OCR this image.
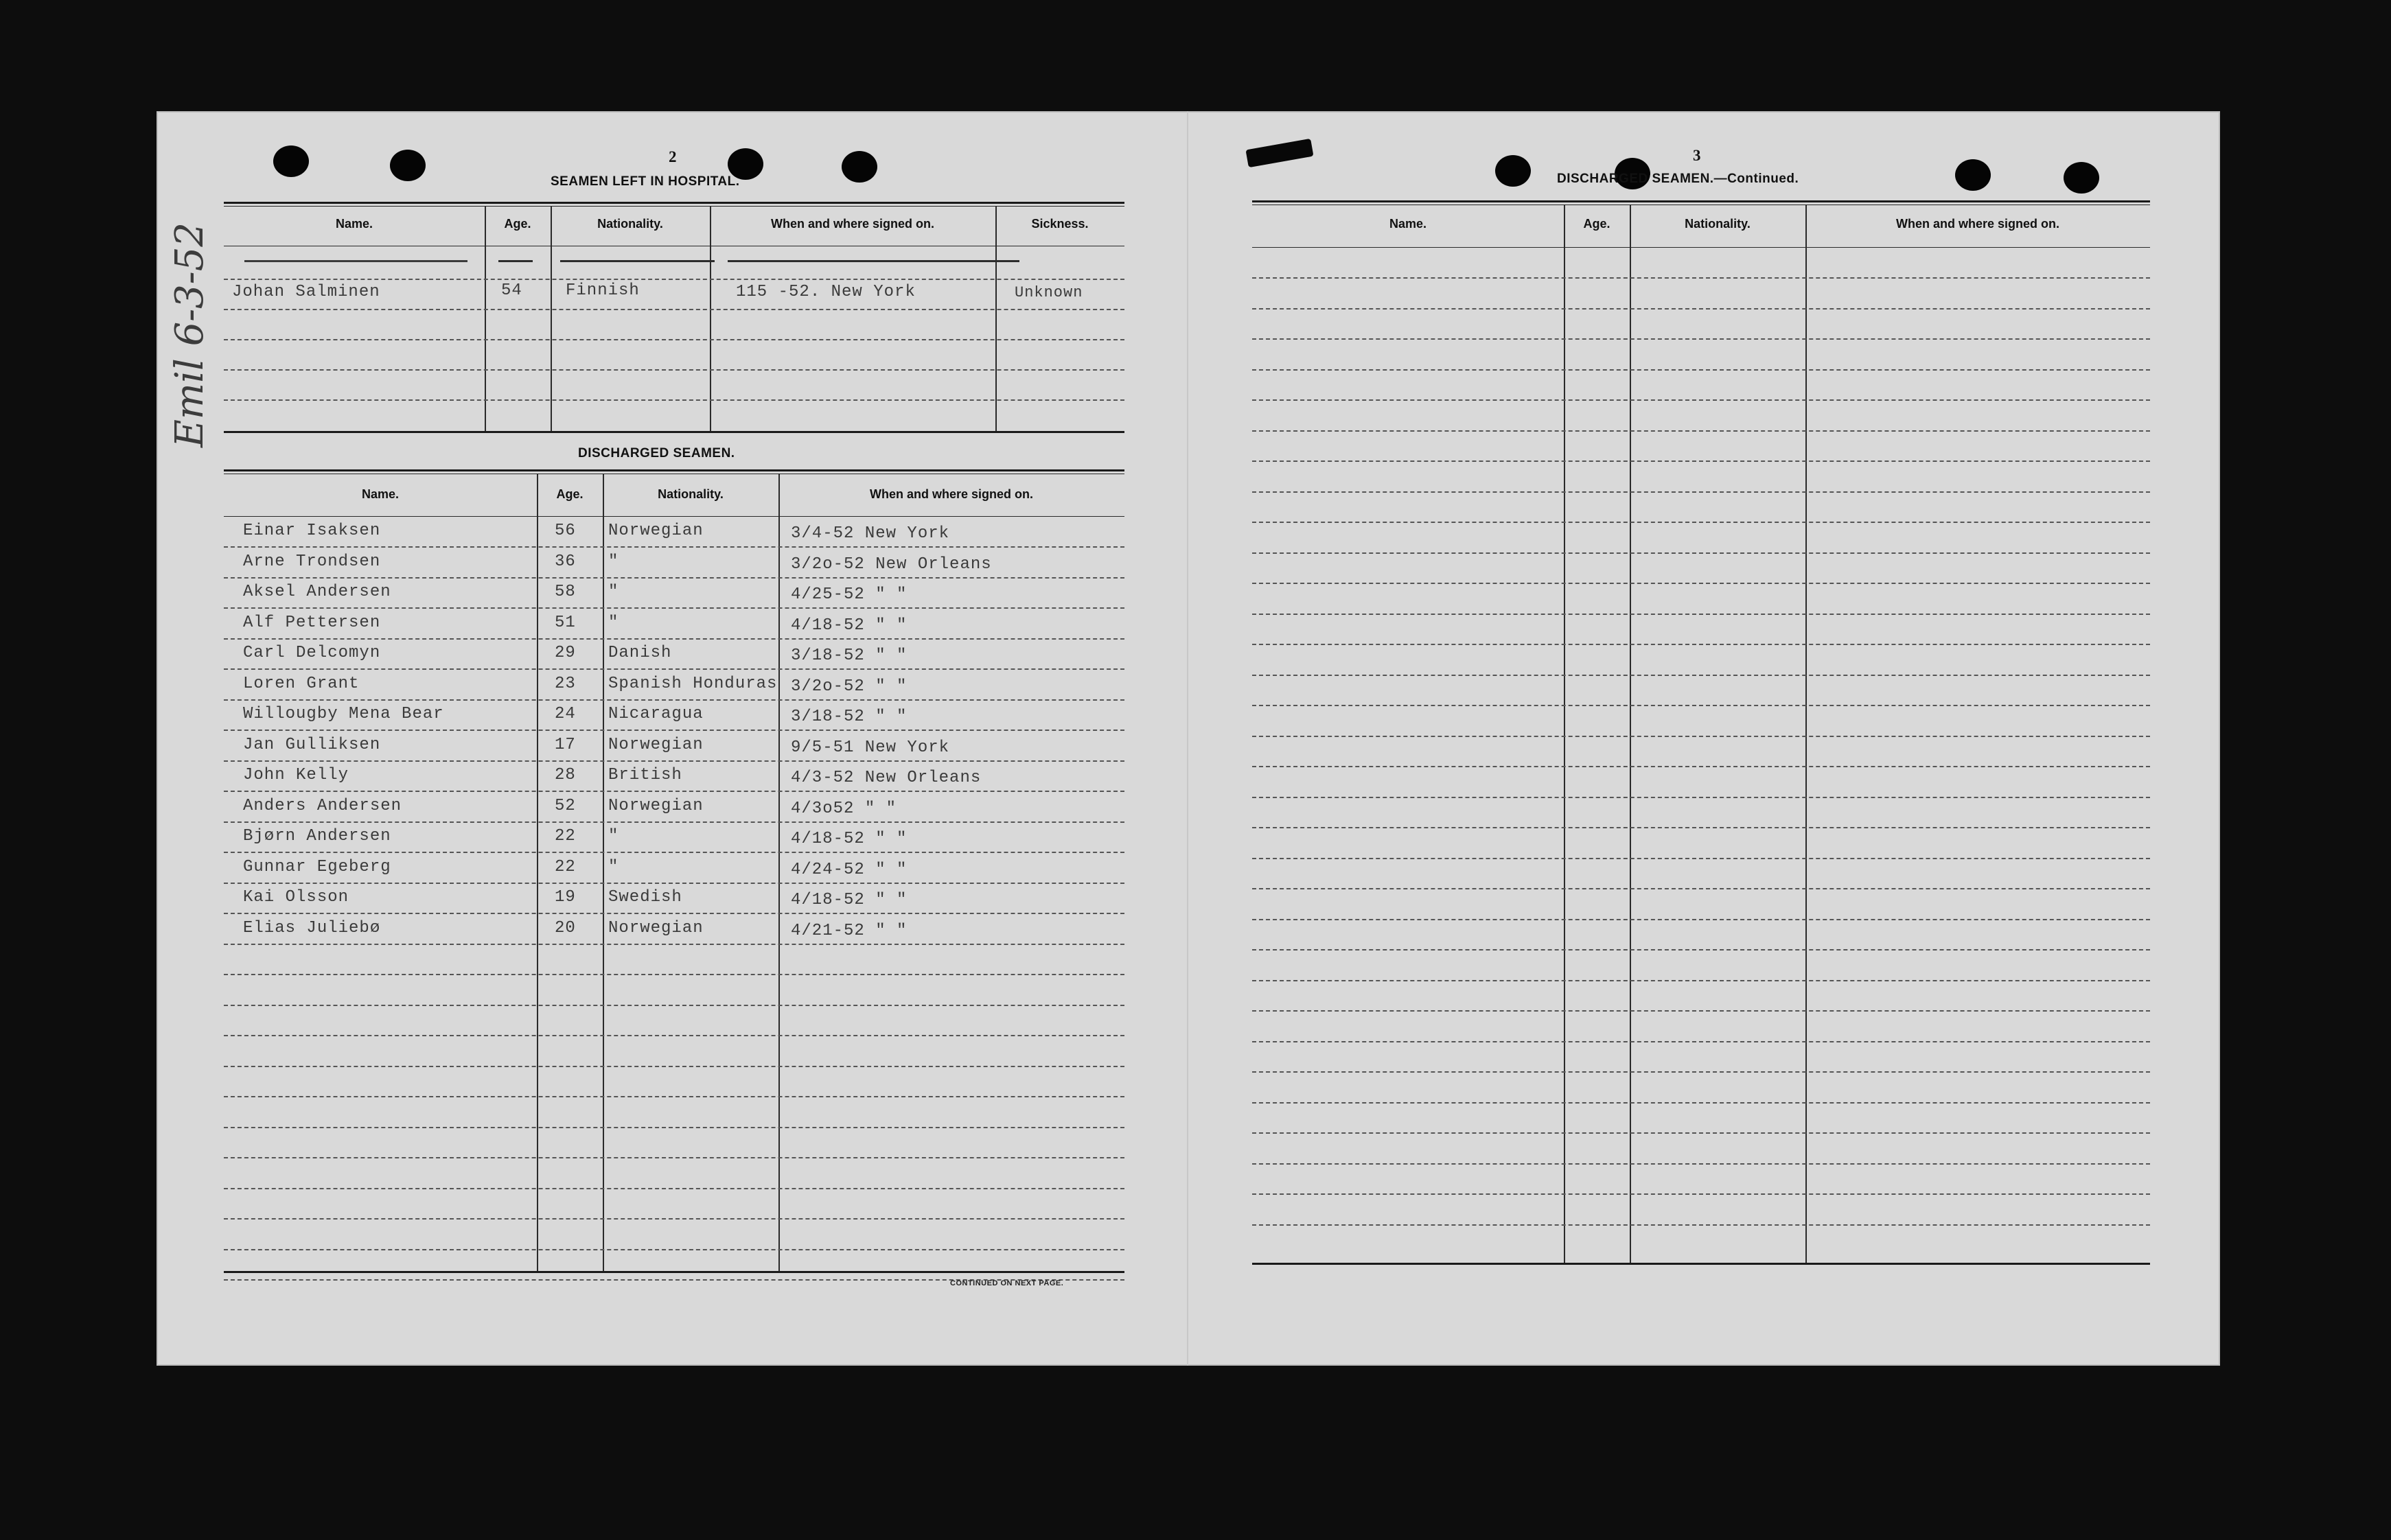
Emil 6-3-52
2
SEAMEN LEFT IN HOSPITAL.
Name.	Age.	Nationality.	When and where signed on.	Sickness.

Johan Salminen	54	Finnish	115 -52. New York	Unknown
DISCHARGED SEAMEN.
Name.	Age.	Nationality.	When and where signed on.
Einar Isaksen	56 Norwegian	3/4-52 New York
Arne Trondsen	36 "	3/2o-52 New Orleans
Aksel Andersen	58 "	4/25-52 " "
Alf Pettersen	51 "	4/18-52 " "
Carl Delcomyn	29 Danish	3/18-52 " "
Loren Grant	23 Spanish Honduras 3/2o-52 " "
Willougby Mena Bear	24 Nicaragua	3/18-52 " "
Jan Gulliksen	17 Norwegian	9/5-51 New York
John Kelly	28 British	4/3-52 New Orleans
Anders Andersen	52 Norwegian	4/3o52 " "
Bjørn Andersen	22 "	4/18-52 " "
Gunnar Egeberg	22 "	4/24-52 " "
Kai Olsson	19 Swedish	4/18-52 " "
Elias Juliebø	20 Norwegian	4/21-52 " "
CONTINUED ON NEXT PAGE.
3
DISCHARGED SEAMEN.—Continued.
Name.	Age.	Nationality.	When and where signed on.
